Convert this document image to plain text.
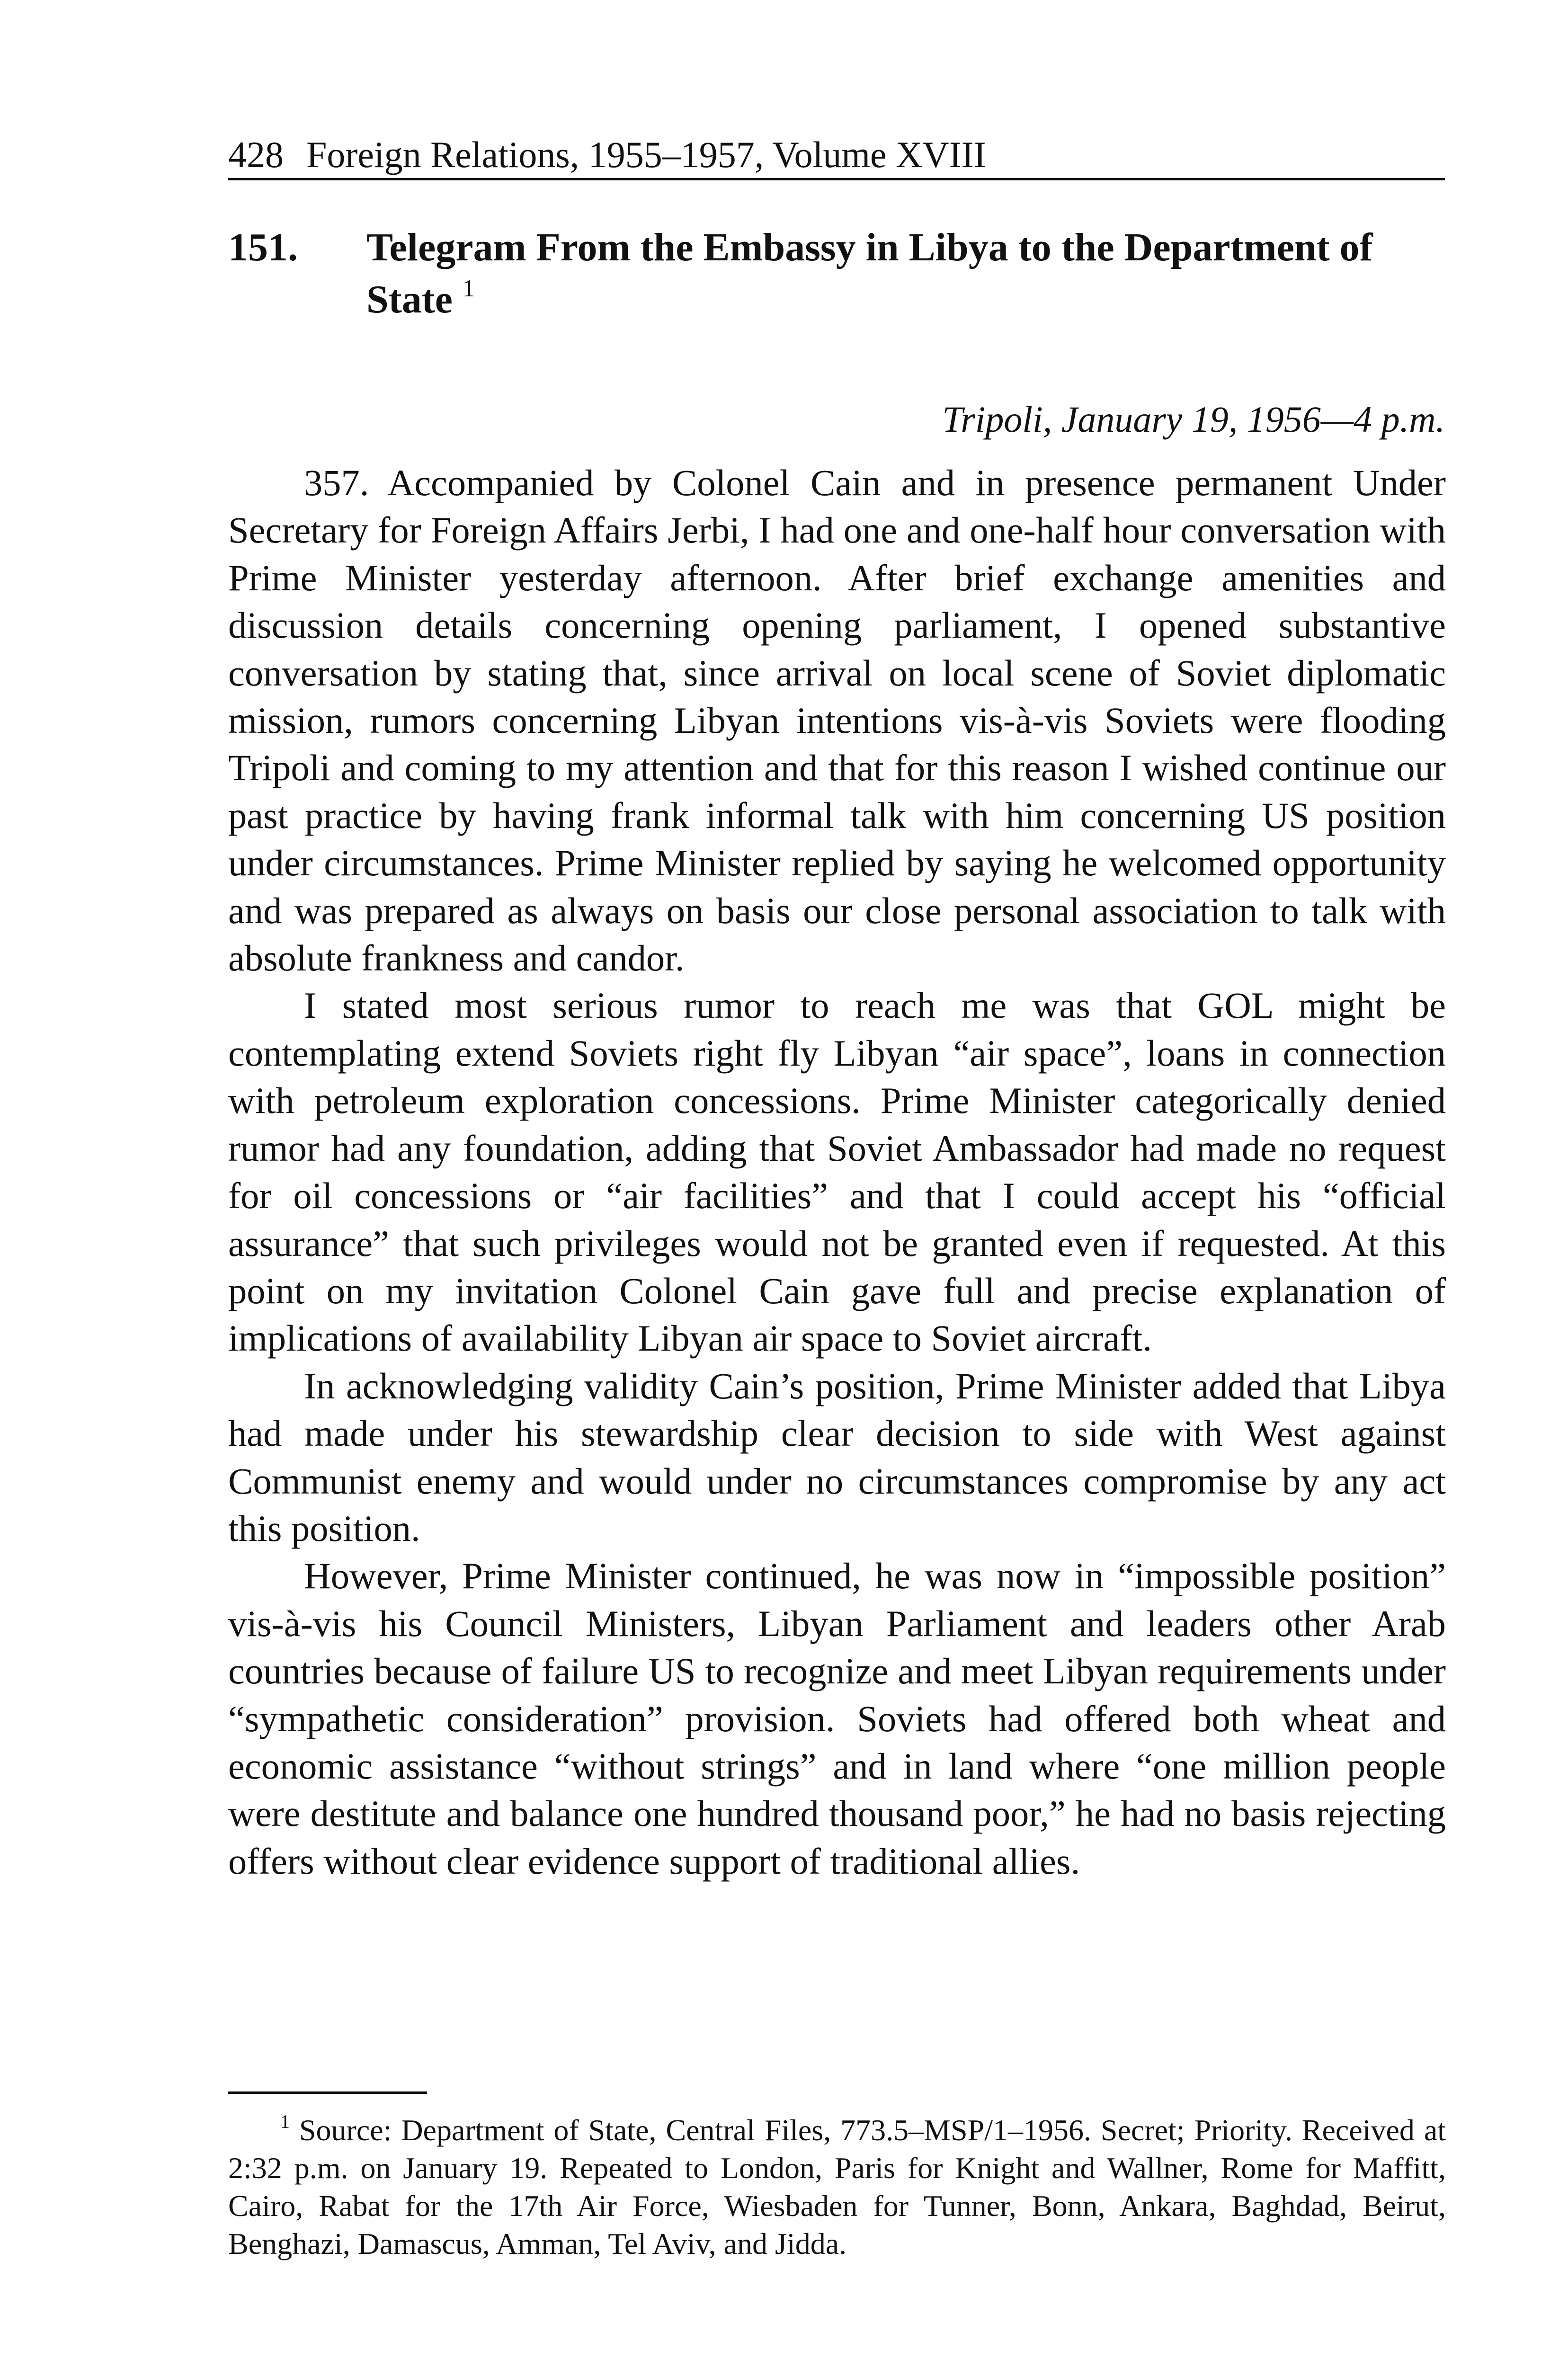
428 Foreign Relations, 1955–1957, Volume XVIII
151. Telegram From the Embassy in Libya to the Department of State $^1$
Tripoli, January 19, 1956—4 p.m.

357. Accompanied by Colonel Cain and in presence permanent Under Secretary for Foreign Affairs Jerbi, I had one and one-half hour conversation with Prime Minister yesterday afternoon. After brief exchange amenities and discussion details concerning opening parliament, I opened substantive conversation by stating that, since arrival on local scene of Soviet diplomatic mission, rumors concerning Libyan intentions vis-à-vis Soviets were flooding Tripoli and coming to my attention and that for this reason I wished continue our past practice by having frank informal talk with him concerning US position under circumstances. Prime Minister replied by saying he welcomed opportunity and was prepared as always on basis our close personal association to talk with absolute frankness and candor.

I stated most serious rumor to reach me was that GOL might be contemplating extend Soviets right fly Libyan “air space”, loans in connection with petroleum exploration concessions. Prime Minister categorically denied rumor had any foundation, adding that Soviet Ambassador had made no request for oil concessions or “air facilities” and that I could accept his “official assurance” that such privileges would not be granted even if requested. At this point on my invitation Colonel Cain gave full and precise explanation of implications of availability Libyan air space to Soviet aircraft.

In acknowledging validity Cain’s position, Prime Minister added that Libya had made under his stewardship clear decision to side with West against Communist enemy and would under no circumstances compromise by any act this position.

However, Prime Minister continued, he was now in “impossible position” vis-à-vis his Council Ministers, Libyan Parliament and leaders other Arab countries because of failure US to recognize and meet Libyan requirements under “sympathetic consideration” provision. Soviets had offered both wheat and economic assistance “without strings” and in land where “one million people were destitute and balance one hundred thousand poor,” he had no basis rejecting offers without clear evidence support of traditional allies.

$^1$ Source: Department of State, Central Files, 773.5–MSP/1–1956. Secret; Priority. Received at 2:32 p.m. on January 19. Repeated to London, Paris for Knight and Wallner, Rome for Maffitt, Cairo, Rabat for the 17th Air Force, Wiesbaden for Tunner, Bonn, Ankara, Baghdad, Beirut, Benghazi, Damascus, Amman, Tel Aviv, and Jidda.
